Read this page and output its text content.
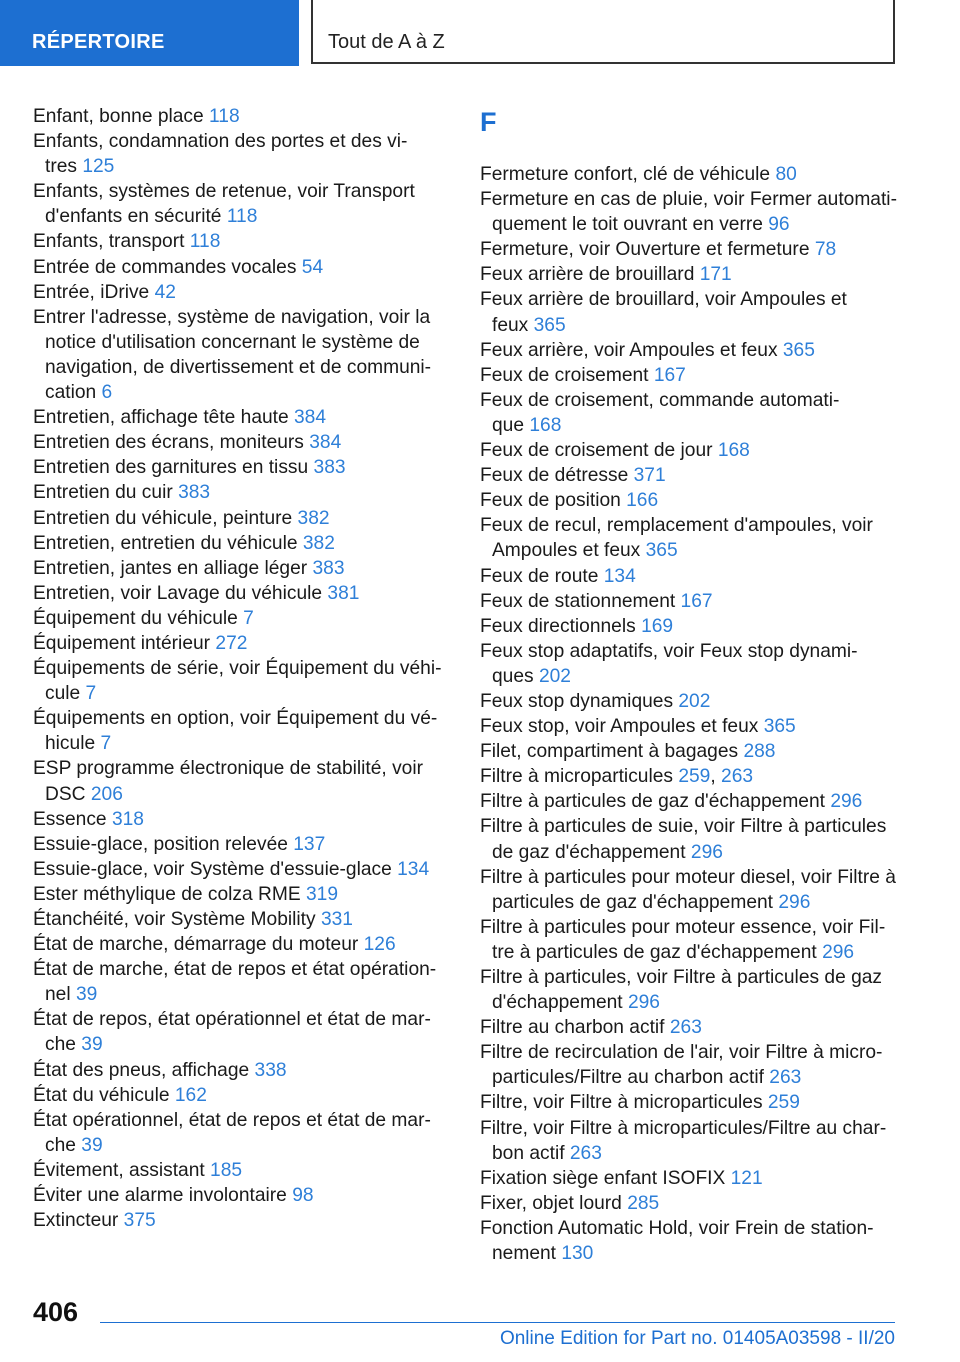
RÉPERTOIRE	Tout de A à Z
Enfant, bonne place 118
Enfants, condamnation des portes et des vi-
tres 125
Enfants, systèmes de retenue, voir Transport
d'enfants en sécurité 118
Enfants, transport 118
Entrée de commandes vocales 54
Entrée, iDrive 42
Entrer l'adresse, système de navigation, voir la
notice d'utilisation concernant le système de
navigation, de divertissement et de communi-
cation 6
Entretien, affichage tête haute 384
Entretien des écrans, moniteurs 384
Entretien des garnitures en tissu 383
Entretien du cuir 383
Entretien du véhicule, peinture 382
Entretien, entretien du véhicule 382
Entretien, jantes en alliage léger 383
Entretien, voir Lavage du véhicule 381
Équipement du véhicule 7
Équipement intérieur 272
Équipements de série, voir Équipement du véhi-
cule 7
Équipements en option, voir Équipement du vé-
hicule 7
ESP programme électronique de stabilité, voir
DSC 206
Essence 318
Essuie-glace, position relevée 137
Essuie-glace, voir Système d'essuie-glace 134
Ester méthylique de colza RME 319
Étanchéité, voir Système Mobility 331
État de marche, démarrage du moteur 126
État de marche, état de repos et état opération-
nel 39
État de repos, état opérationnel et état de mar-
che 39
État des pneus, affichage 338
État du véhicule 162
État opérationnel, état de repos et état de mar-
che 39
Évitement, assistant 185
Éviter une alarme involontaire 98
Extincteur 375
F
Fermeture confort, clé de véhicule 80
Fermeture en cas de pluie, voir Fermer automati-
quement le toit ouvrant en verre 96
Fermeture, voir Ouverture et fermeture 78
Feux arrière de brouillard 171
Feux arrière de brouillard, voir Ampoules et
feux 365
Feux arrière, voir Ampoules et feux 365
Feux de croisement 167
Feux de croisement, commande automati-
que 168
Feux de croisement de jour 168
Feux de détresse 371
Feux de position 166
Feux de recul, remplacement d'ampoules, voir
Ampoules et feux 365
Feux de route 134
Feux de stationnement 167
Feux directionnels 169
Feux stop adaptatifs, voir Feux stop dynami-
ques 202
Feux stop dynamiques 202
Feux stop, voir Ampoules et feux 365
Filet, compartiment à bagages 288
Filtre à microparticules 259, 263
Filtre à particules de gaz d'échappement 296
Filtre à particules de suie, voir Filtre à particules
de gaz d'échappement 296
Filtre à particules pour moteur diesel, voir Filtre à
particules de gaz d'échappement 296
Filtre à particules pour moteur essence, voir Fil-
tre à particules de gaz d'échappement 296
Filtre à particules, voir Filtre à particules de gaz
d'échappement 296
Filtre au charbon actif 263
Filtre de recirculation de l'air, voir Filtre à micro-
particules/Filtre au charbon actif 263
Filtre, voir Filtre à microparticules 259
Filtre, voir Filtre à microparticules/Filtre au char-
bon actif 263
Fixation siège enfant ISOFIX 121
Fixer, objet lourd 285
Fonction Automatic Hold, voir Frein de station-
nement 130
406
Online Edition for Part no. 01405A03598 - II/20
